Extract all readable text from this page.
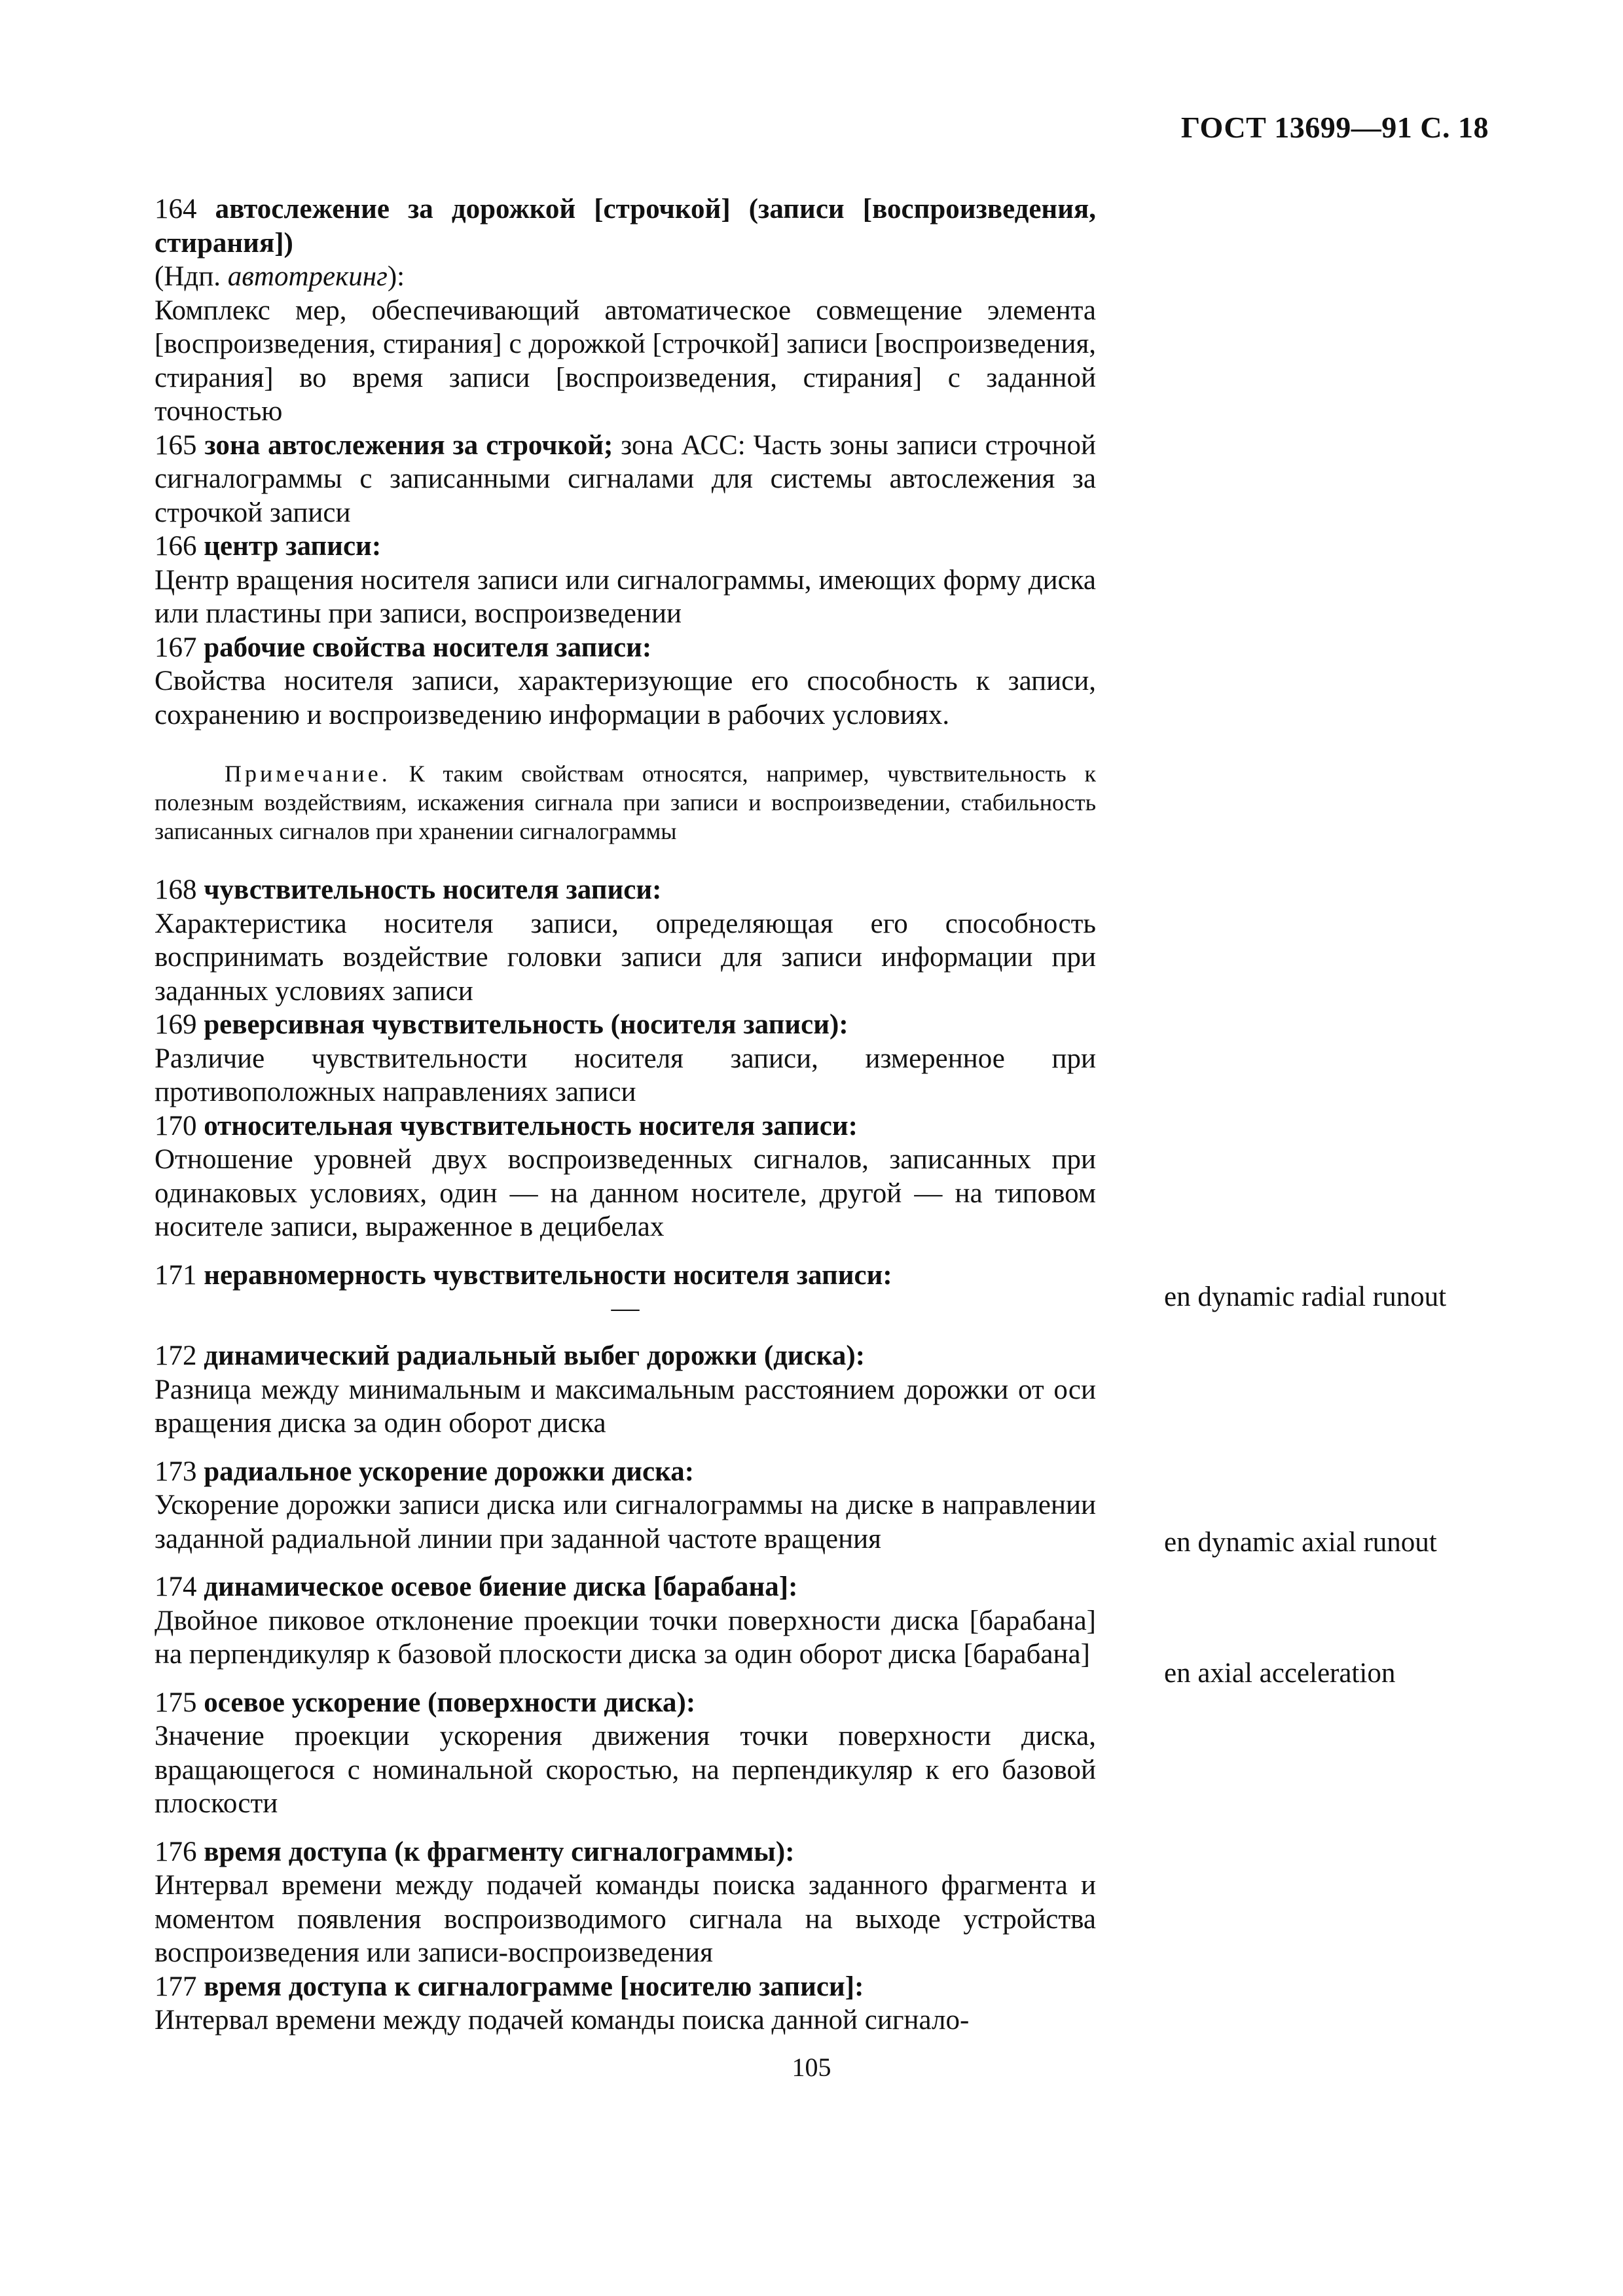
ГОСТ 13699—91 С. 18
164 автослежение за дорожкой [строчкой] (записи [воспроизведения, стирания])
(Ндп. автотрекинг):
Комплекс мер, обеспечивающий автоматическое совмещение элемента [воспроизведения, стирания] с дорожкой [строчкой] записи [воспроизведения, стирания] во время записи [воспроизведения, стирания] с заданной точностью
165 зона автослежения за строчкой; зона АСС: Часть зоны записи строчной сигналограммы с записанными сигналами для системы автослежения за строчкой записи
166 центр записи:
Центр вращения носителя записи или сигналограммы, имеющих форму диска или пластины при записи, воспроизведении
167 рабочие свойства носителя записи:
Свойства носителя записи, характеризующие его способность к записи, сохранению и воспроизведению информации в рабочих условиях.
Примечание. К таким свойствам относятся, например, чувствительность к полезным воздействиям, искажения сигнала при записи и воспроизведении, стабильность записанных сигналов при хранении сигналограммы
168 чувствительность носителя записи:
Характеристика носителя записи, определяющая его способность воспринимать воздействие головки записи для записи информации при заданных условиях записи
169 реверсивная чувствительность (носителя записи):
Различие чувствительности носителя записи, измеренное при противоположных направлениях записи
170 относительная чувствительность носителя записи:
Отношение уровней двух воспроизведенных сигналов, записанных при одинаковых условиях, один — на данном носителе, другой — на типовом носителе записи, выраженное в децибелах
171 неравномерность чувствительности носителя записи:
—
172 динамический радиальный выбег дорожки (диска):
Разница между минимальным и максимальным расстоянием дорожки от оси вращения диска за один оборот диска
173 радиальное ускорение дорожки диска:
Ускорение дорожки записи диска или сигналограммы на диске в направлении заданной радиальной линии при заданной частоте вращения
174 динамическое осевое биение диска [барабана]:
Двойное пиковое отклонение проекции точки поверхности диска [барабана] на перпендикуляр к базовой плоскости диска за один оборот диска [барабана]
175 осевое ускорение (поверхности диска):
Значение проекции ускорения движения точки поверхности диска, вращающегося с номинальной скоростью, на перпендикуляр к его базовой плоскости
176 время доступа (к фрагменту сигналограммы):
Интервал времени между подачей команды поиска заданного фрагмента и моментом появления воспроизводимого сигнала на выходе устройства воспроизведения или записи-воспроизведения
177 время доступа к сигналограмме [носителю записи]:
Интервал времени между подачей команды поиска данной сигнало-
en dynamic radial runout
en dynamic axial runout
en axial acceleration
105
